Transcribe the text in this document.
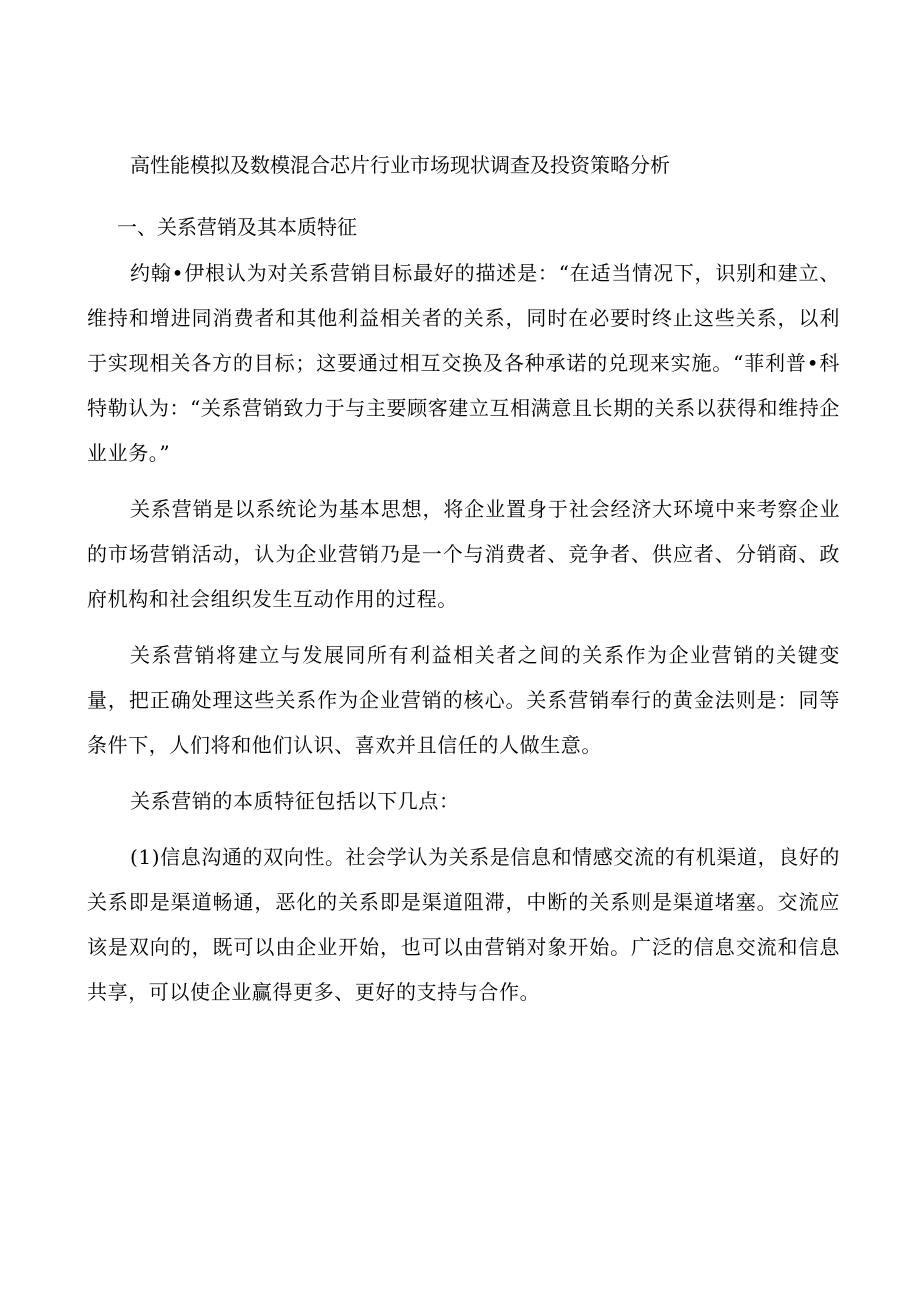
高性能模拟及数模混合芯片行业市场现状调查及投资策略分析
一、关系营销及其本质特征

约翰•伊根认为对关系营销目标最好的描述是：“在适当情况下，识别和建立、维持和增进同消费者和其他利益相关者的关系，同时在必要时终止这些关系，以利于实现相关各方的目标；这要通过相互交换及各种承诺的兑现来实施。“菲利普•科特勒认为：“关系营销致力于与主要顾客建立互相满意且长期的关系以获得和维持企业业务。”

关系营销是以系统论为基本思想，将企业置身于社会经济大环境中来考察企业的市场营销活动，认为企业营销乃是一个与消费者、竞争者、供应者、分销商、政府机构和社会组织发生互动作用的过程。

关系营销将建立与发展同所有利益相关者之间的关系作为企业营销的关键变量，把正确处理这些关系作为企业营销的核心。关系营销奉行的黄金法则是：同等条件下，人们将和他们认识、喜欢并且信任的人做生意。

关系营销的本质特征包括以下几点：

(1)信息沟通的双向性。社会学认为关系是信息和情感交流的有机渠道，良好的关系即是渠道畅通，恶化的关系即是渠道阻滞，中断的关系则是渠道堵塞。交流应该是双向的，既可以由企业开始，也可以由营销对象开始。广泛的信息交流和信息共享，可以使企业赢得更多、更好的支持与合作。
